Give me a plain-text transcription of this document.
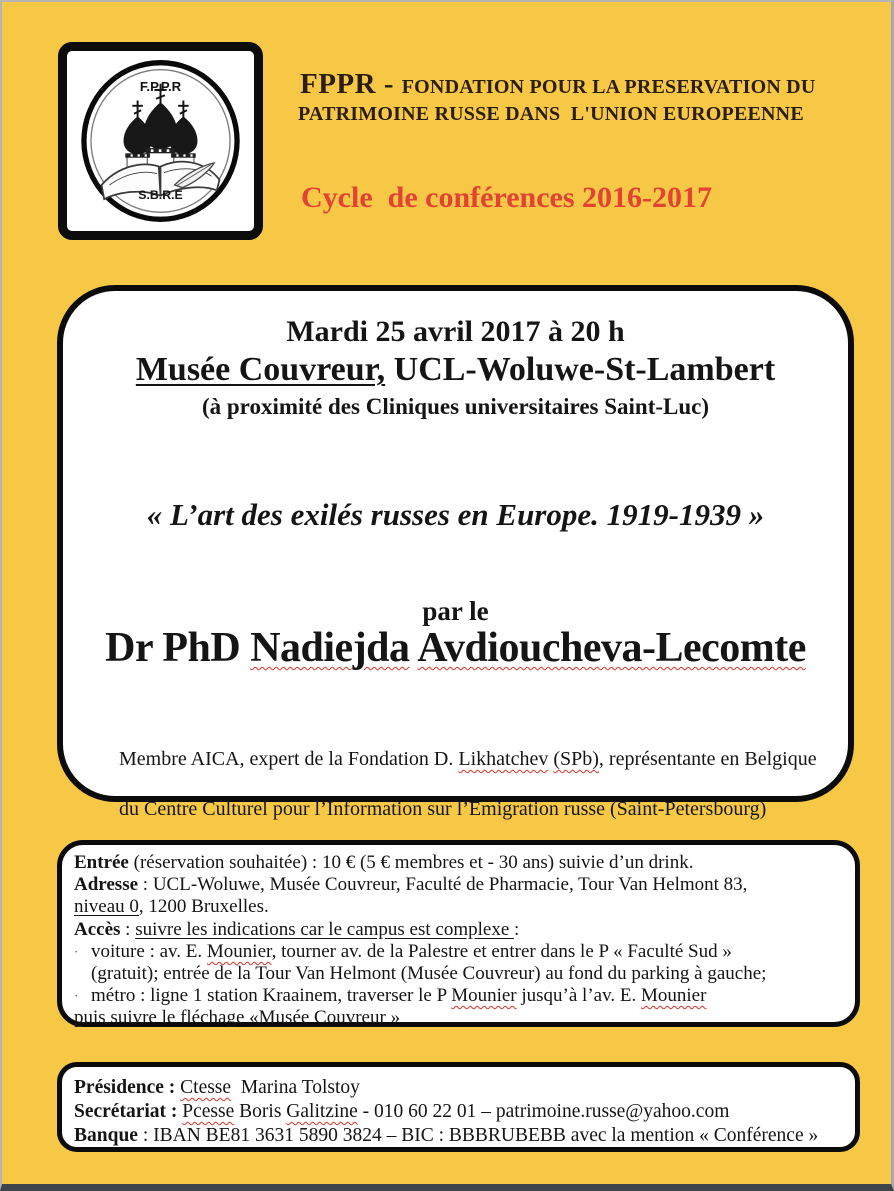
F.P.P.R
S.B.R.E
FPPR - FONDATION POUR LA PRESERVATION DU
PATRIMOINE RUSSE DANS  L'UNION EUROPEENNE
Cycle  de conférences 2016-2017
Mardi 25 avril 2017 à 20 h
Musée Couvreur, UCL-Woluwe-St-Lambert
(à proximité des Cliniques universitaires Saint-Luc)
« L’art des exilés russes en Europe. 1919-1939 »
par le
Dr PhD Nadiejda Avdioucheva-Lecomte

Membre AICA, expert de la Fondation D. Likhatchev (SPb), représentante en Belgique

du Centre Culturel pour l’Information sur l’Emigration russe (Saint-Petersbourg)

Entrée (réservation souhaitée) : 10 € (5 € membres et - 30 ans) suivie d’un drink.
Adresse : UCL-Woluwe, Musée Couvreur, Faculté de Pharmacie, Tour Van Helmont 83,
niveau 0, 1200 Bruxelles.
Accès : suivre les indications car le campus est complexe :
· voiture : av. E. Mounier, tourner av. de la Palestre et entrer dans le P « Faculté Sud »
(gratuit); entrée de la Tour Van Helmont (Musée Couvreur) au fond du parking à gauche;
· métro : ligne 1 station Kraainem, traverser le P Mounier jusqu’à l’av. E. Mounier
puis suivre le fléchage «Musée Couvreur »
Présidence : Ctesse  Marina Tolstoy
Secrétariat : Pcesse Boris Galitzine - 010 60 22 01 – patrimoine.russe@yahoo.com
Banque : IBAN BE81 3631 5890 3824 – BIC : BBBRUBEBB avec la mention « Conférence »
